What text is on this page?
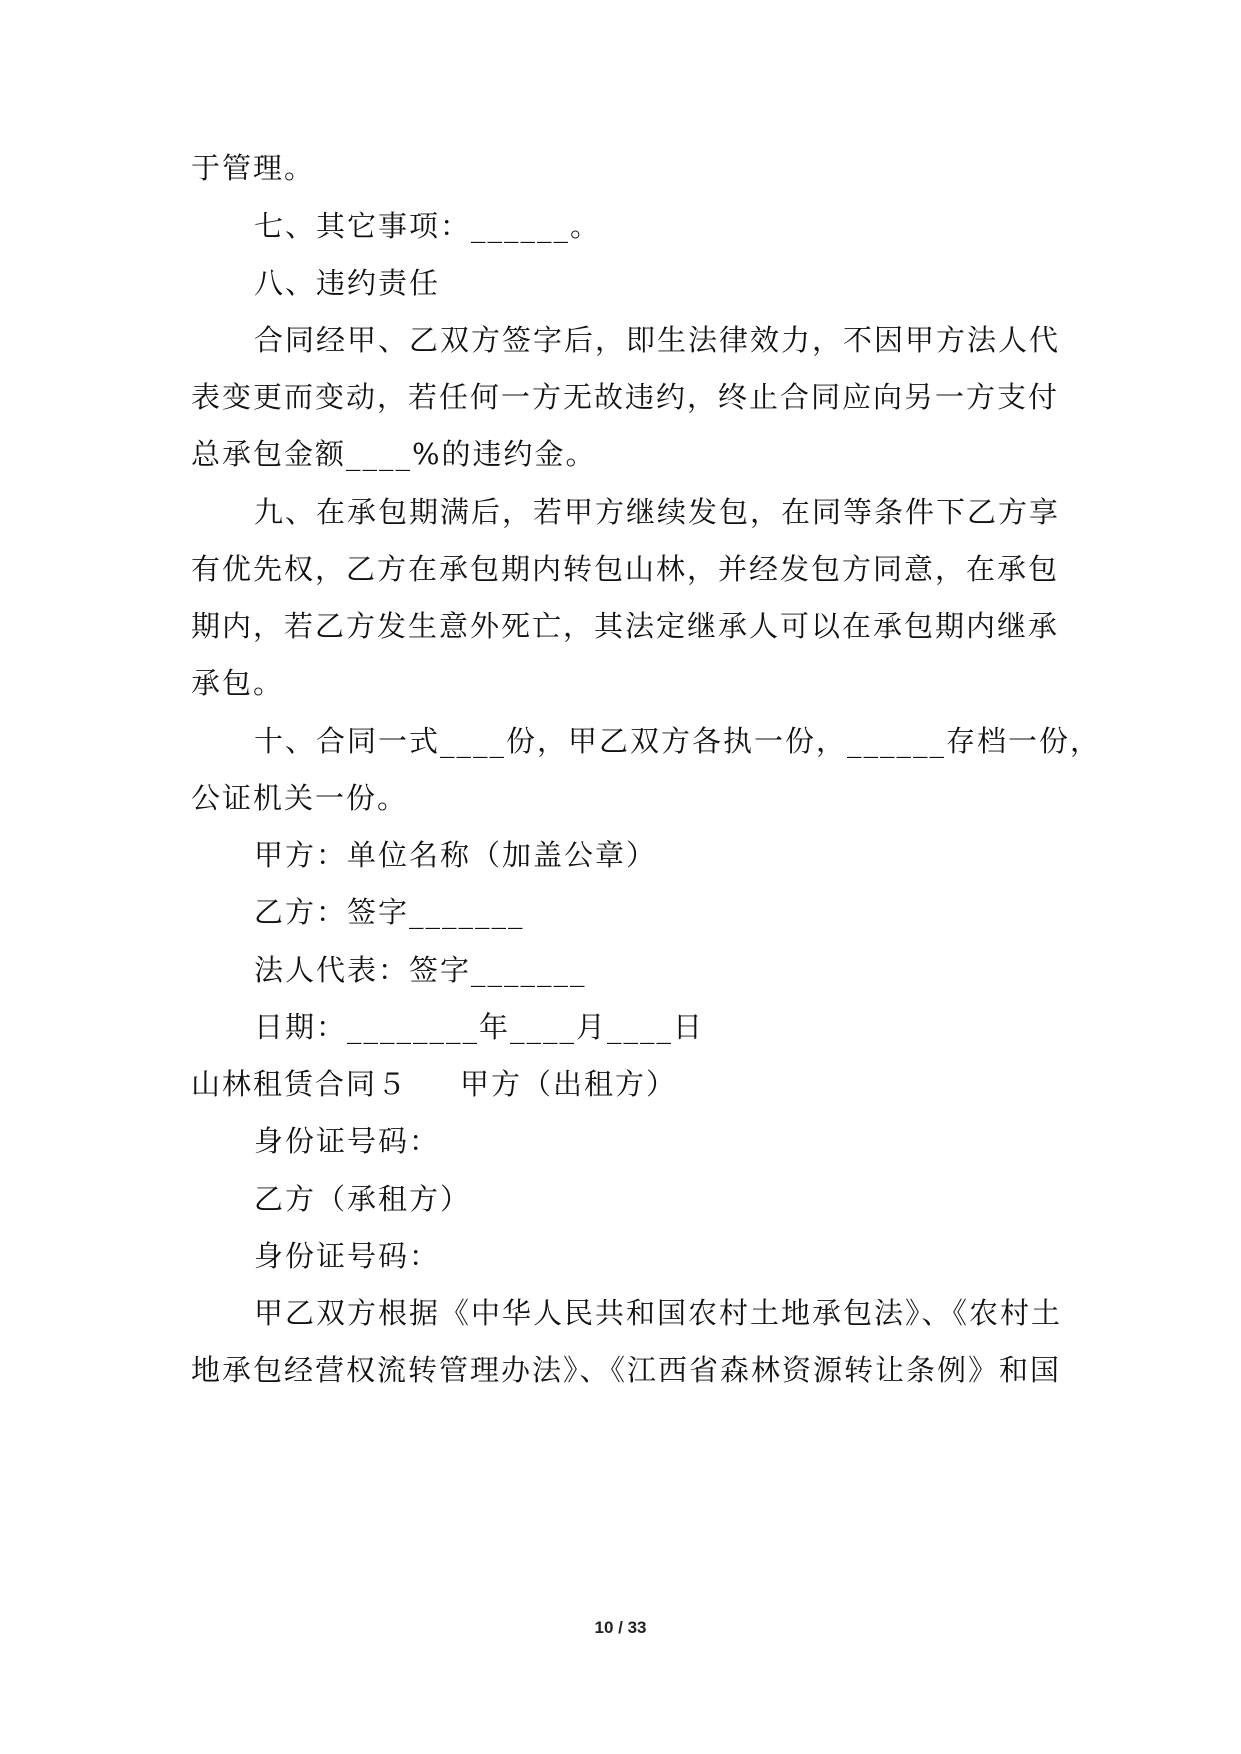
于管理。
七、其它事项：______。
八、违约责任
合同经甲、乙双方签字后，即生法律效力，不因甲方法人代
表变更而变动，若任何一方无故违约，终止合同应向另一方支付
总承包金额____%的违约金。
九、在承包期满后，若甲方继续发包，在同等条件下乙方享
有优先权，乙方在承包期内转包山林，并经发包方同意，在承包
期内，若乙方发生意外死亡，其法定继承人可以在承包期内继承
承包。
十、合同一式____份，甲乙双方各执一份，______存档一份，
公证机关一份。
甲方：单位名称（加盖公章）
乙方：签字_______
法人代表：签字_______
日期：________年____月____日
山林租赁合同５ 甲方（出租方）
身份证号码：
乙方（承租方）
身份证号码：
甲乙双方根据《中华人民共和国农村土地承包法》、《农村土
地承包经营权流转管理办法》、《江西省森林资源转让条例》和国
10 / 33
